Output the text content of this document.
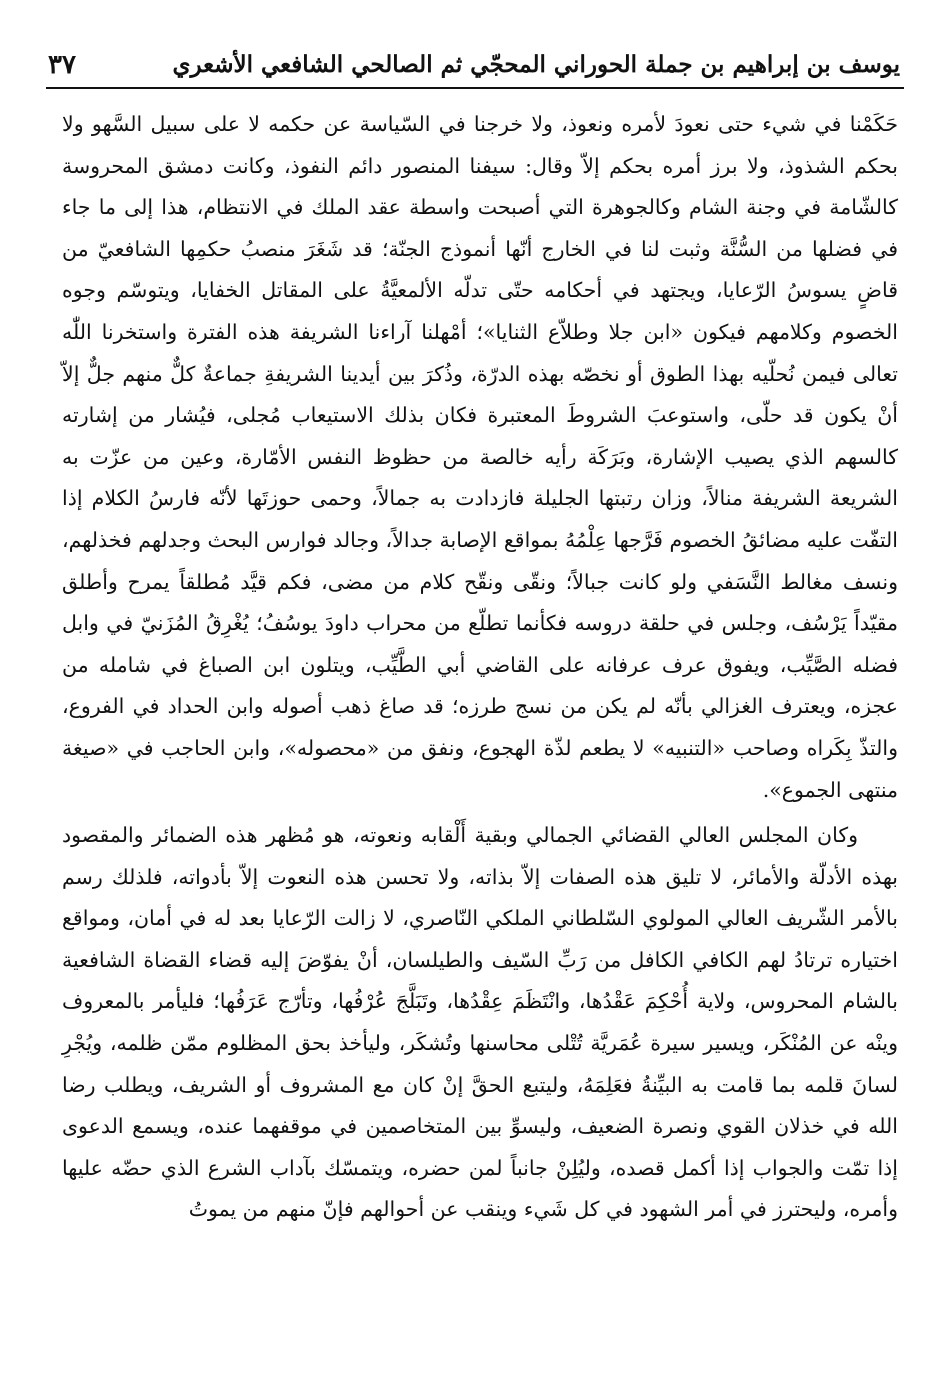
يوسف بن إبراهيم بن جملة الحوراني المحجّي ثم الصالحي الشافعي الأشعري
٣٧

حَكَمْنا في شيء حتى نعودَ لأمره ونعوذ، ولا خرجنا في السّياسة عن حكمه لا على سبيل السَّهو ولا بحكم الشذوذ، ولا برز أمره بحكم إلاّ وقال: سيفنا المنصور دائم النفوذ، وكانت دمشق المحروسة كالشّامة في وجنة الشام وكالجوهرة التي أصبحت واسطة عقد الملك في الانتظام، هذا إلى ما جاء في فضلها من السُّنَّة وثبت لنا في الخارج أنّها أنموذج الجنّة؛ قد شَغَرَ منصبُ حكمِها الشافعيّ من قاضٍ يسوسُ الرّعايا، ويجتهد في أحكامه حتّى تدلّه الألمعيَّةُ على المقاتل الخفايا، ويتوسّم وجوه الخصوم وكلامهم فيكون «ابن جلا وطلاّع الثنايا»؛ أمْهلنا آراءنا الشريفة هذه الفترة واستخرنا اللّٰه تعالى فيمن نُحلّيه بهذا الطوق أو نخصّه بهذه الدرّة، وذُكرَ بين أيدينا الشريفةِ جماعةٌ كلٌّ منهم جلٌّ إلاّ أنْ يكون قد حلّى، واستوعبَ الشروطَ المعتبرة فكان بذلك الاستيعاب مُجلى، فيُشار من إشارته كالسهم الذي يصيب الإشارة، وبَرَكَة رأيه خالصة من حظوظ النفس الأمّارة، وعين من عزّت به الشريعة الشريفة منالاً، وزان رتبتها الجليلة فازدادت به جمالاً، وحمى حوزتَها لأنّه فارسُ الكلام إذا التفّت عليه مضائقُ الخصوم فَرَّجها عِلْمُهُ بمواقع الإصابة جدالاً، وجالد فوارس البحث وجدلهم فخذلهم، ونسف مغالط النَّسَفي ولو كانت جبالاً؛ ونقّى ونقّح كلام من مضى، فكم قيَّد مُطلقاً يمرح وأطلق مقيّداً يَرْسُف، وجلس في حلقة دروسه فكأنما تطلّع من محراب داودَ يوسُفُ؛ يُغْرِقُ المُزَنيّ في وابل فضله الصَّيِّب، ويفوق عرف عرفانه على القاضي أبي الطَّيِّب، ويتلون ابن الصباغ في شامله من عجزه، ويعترف الغزالي بأنّه لم يكن من نسج طرزه؛ قد صاغ ذهب أصوله وابن الحداد في الفروع، والتذّ بِكَراه وصاحب «التنبيه» لا يطعم لذّة الهجوع، ونفق من «محصوله»، وابن الحاجب في «صيغة منتهى الجموع».

وكان المجلس العالي القضائي الجمالي وبقية أَلْقابه ونعوته، هو مُظهر هذه الضمائر والمقصود بهذه الأدلّة والأمائر، لا تليق هذه الصفات إلاّ بذاته، ولا تحسن هذه النعوت إلاّ بأدواته، فلذلك رسم بالأمر الشّريف العالي المولوي السّلطاني الملكي النّاصري، لا زالت الرّعايا بعد له في أمان، ومواقع اختياره ترتادُ لهم الكافي الكافل من رَبِّ السّيف والطيلسان، أنْ يفوّضَ إليه قضاء القضاة الشافعية بالشام المحروس، ولاية أُحْكِمَ عَقْدُها، وانْتَظَمَ عِقْدُها، وتَبَلَّجَ عُرْفُها، وتأرّج عَرَفُها؛ فليأمر بالمعروف وينْه عن المُنْكَر، ويسير سيرة عُمَريَّة تُتْلى محاسنها وتُشكَر، وليأخذ بحق المظلوم ممّن ظلمه، ويُجْرِ لسانَ قلمه بما قامت به البيِّنةُ فعَلِمَهُ، وليتبع الحقَّ إنْ كان مع المشروف أو الشريف، ويطلب رضا الله في خذلان القوي ونصرة الضعيف، وليسوِّ بين المتخاصمين في موقفهما عنده، ويسمع الدعوى إذا تمّت والجواب إذا أكمل قصده، وليُلِنْ جانباً لمن حضره، ويتمسّك بآداب الشرع الذي حضّه عليها وأمره، وليحترز في أمر الشهود في كل شَيء وينقب عن أحوالهم فإنّ منهم من يموتُ
